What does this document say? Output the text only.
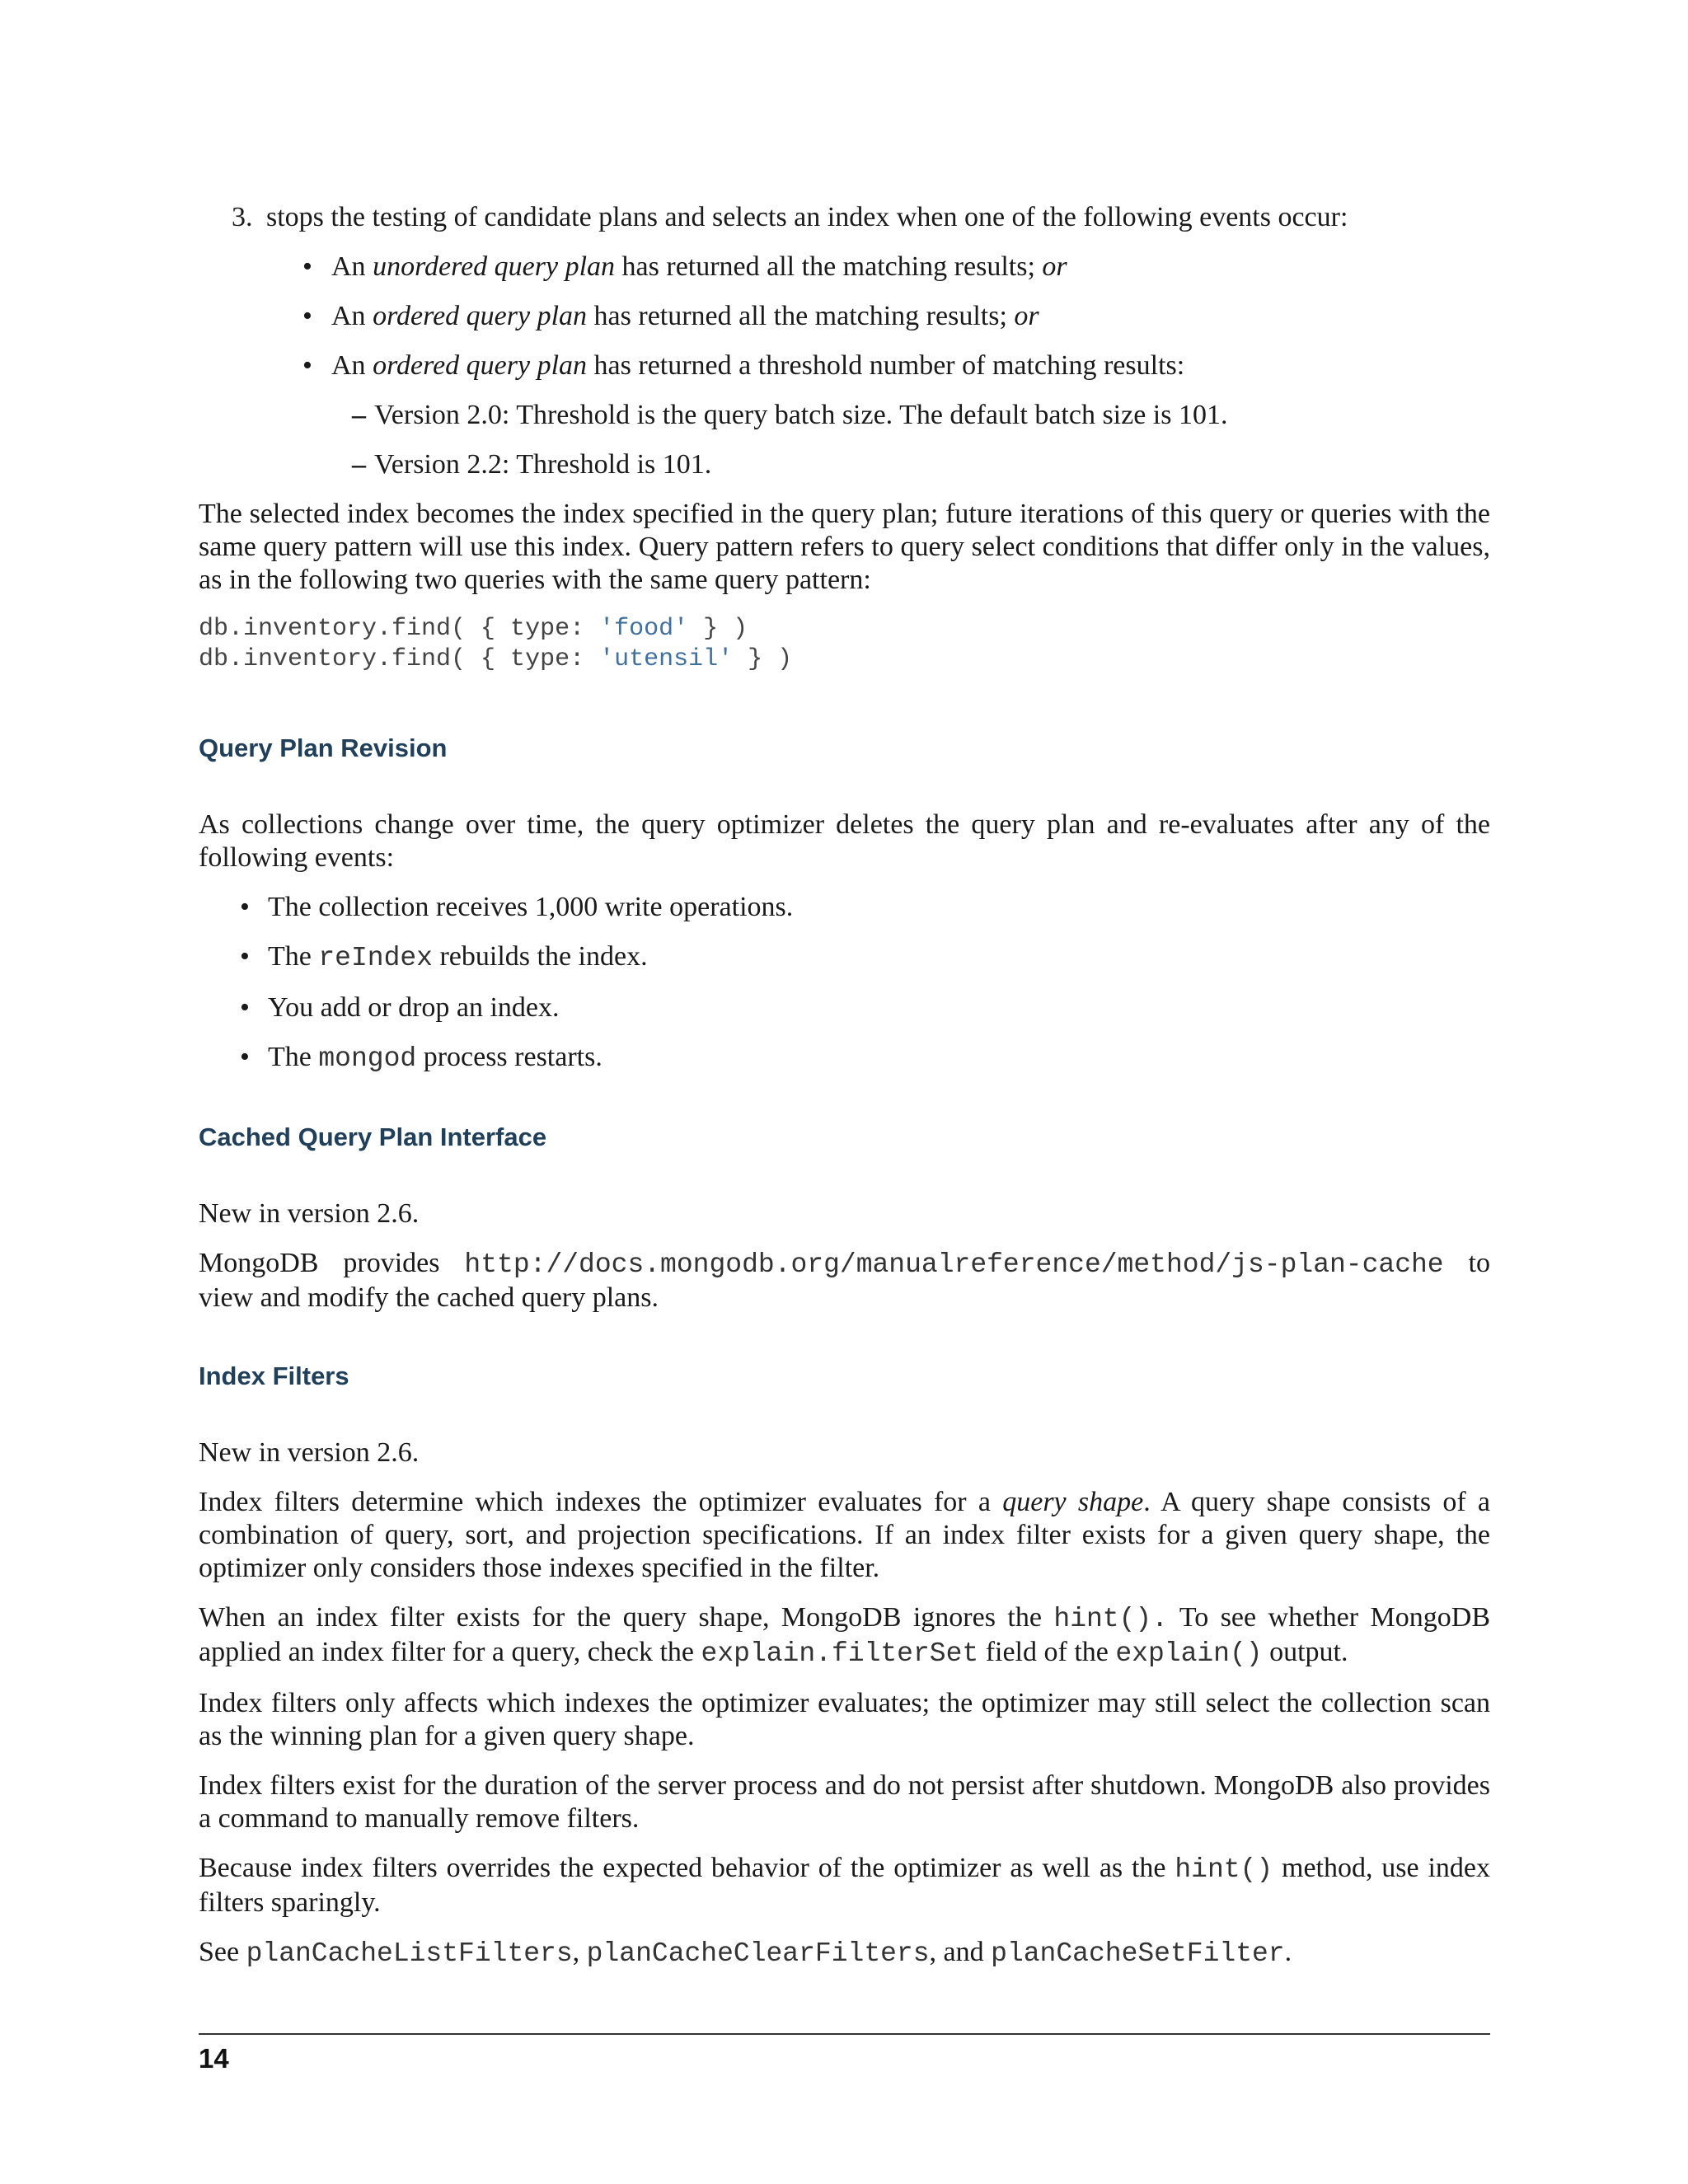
3. stops the testing of candidate plans and selects an index when one of the following events occur:
• An unordered query plan has returned all the matching results; or
• An ordered query plan has returned all the matching results; or
• An ordered query plan has returned a threshold number of matching results:
– Version 2.0: Threshold is the query batch size. The default batch size is 101.
– Version 2.2: Threshold is 101.

The selected index becomes the index specified in the query plan; future iterations of this query or queries with the same query pattern will use this index. Query pattern refers to query select conditions that differ only in the values, as in the following two queries with the same query pattern:

db.inventory.find( { type: 'food' } )
db.inventory.find( { type: 'utensil' } )
Query Plan Revision

As collections change over time, the query optimizer deletes the query plan and re-evaluates after any of the following events:

• The collection receives 1,000 write operations.
• The reIndex rebuilds the index.
• You add or drop an index.
• The mongod process restarts.
Cached Query Plan Interface

New in version 2.6.

MongoDB provides http://docs.mongodb.org/manualreference/method/js-plan-cache to view and modify the cached query plans.

Index Filters

New in version 2.6.

Index filters determine which indexes the optimizer evaluates for a query shape. A query shape consists of a combination of query, sort, and projection specifications. If an index filter exists for a given query shape, the optimizer only considers those indexes specified in the filter.

When an index filter exists for the query shape, MongoDB ignores the hint(). To see whether MongoDB applied an index filter for a query, check the explain.filterSet field of the explain() output.

Index filters only affects which indexes the optimizer evaluates; the optimizer may still select the collection scan as the winning plan for a given query shape.

Index filters exist for the duration of the server process and do not persist after shutdown. MongoDB also provides a command to manually remove filters.

Because index filters overrides the expected behavior of the optimizer as well as the hint() method, use index filters sparingly.

See planCacheListFilters, planCacheClearFilters, and planCacheSetFilter.

14
